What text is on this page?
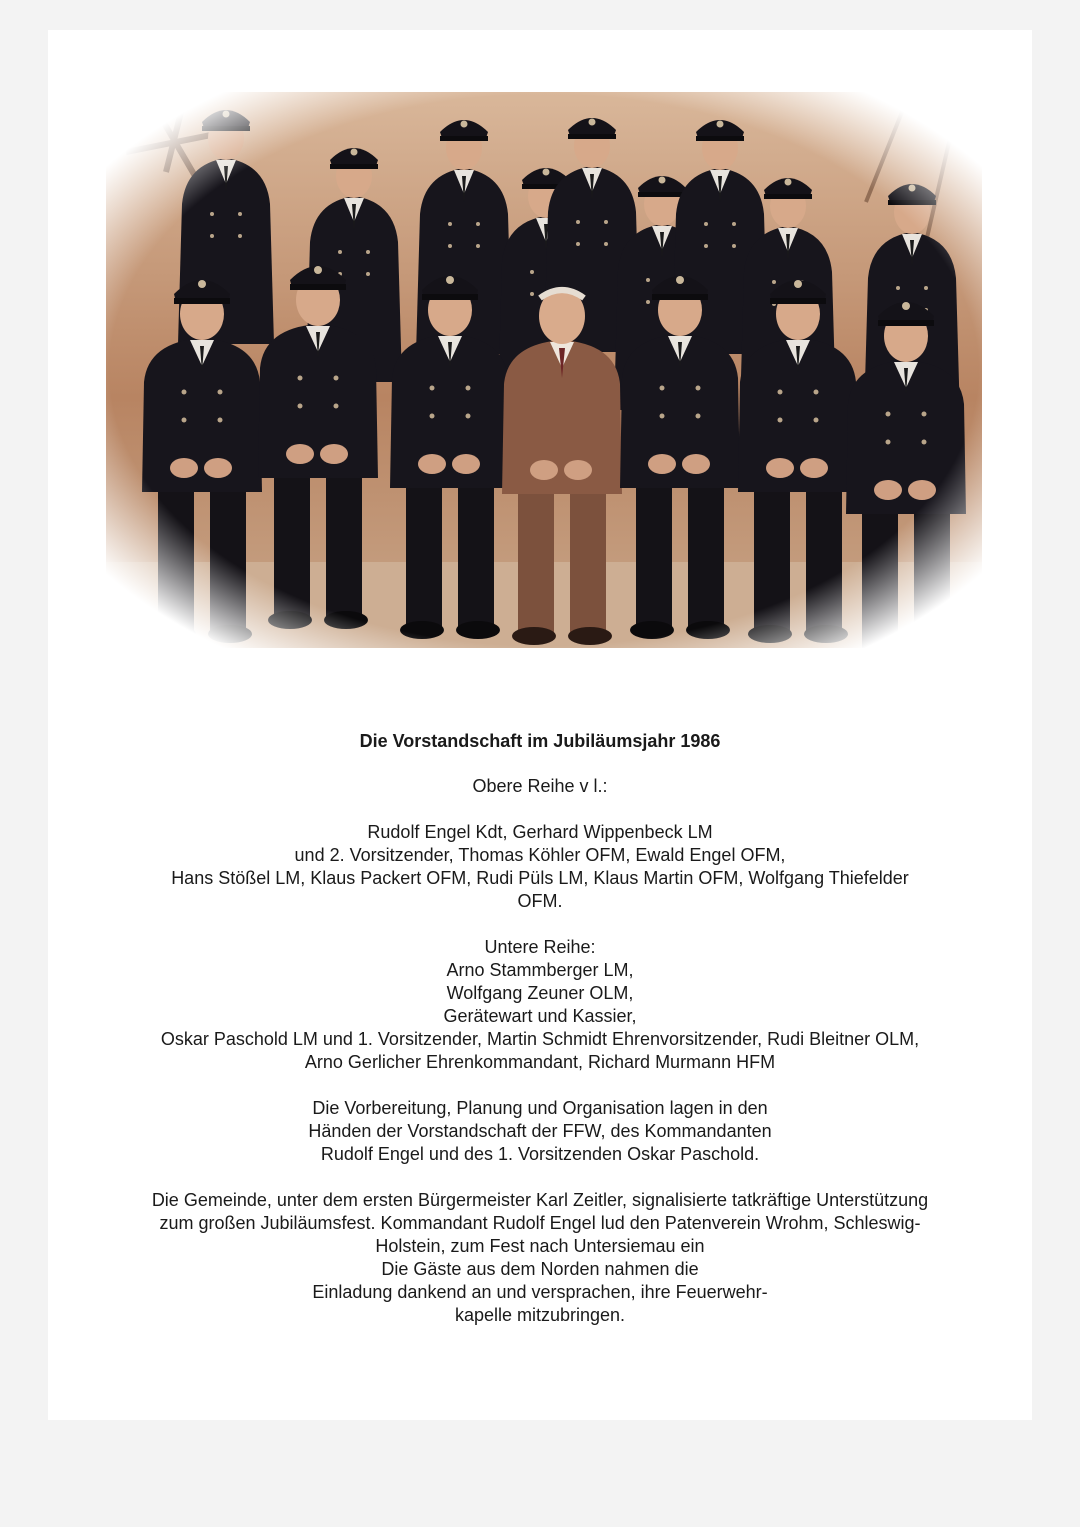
Die Vorstandschaft im Jubiläumsjahr 1986

Obere Reihe v l.:

Rudolf Engel Kdt, Gerhard Wippenbeck LM

und 2. Vorsitzender, Thomas Köhler OFM, Ewald Engel OFM,

Hans Stößel LM, Klaus Packert OFM, Rudi Püls LM, Klaus Martin OFM, Wolfgang Thiefelder

OFM.

Untere Reihe:

Arno Stammberger LM,

Wolfgang Zeuner OLM,

Gerätewart und Kassier,

Oskar Paschold LM und 1. Vorsitzender, Martin Schmidt Ehrenvorsitzender, Rudi Bleitner OLM,

Arno Gerlicher Ehrenkommandant, Richard Murmann HFM

Die Vorbereitung, Planung und Organisation lagen in den

Händen der Vorstandschaft der FFW, des Kommandanten

Rudolf Engel und des 1. Vorsitzenden Oskar Paschold.

Die Gemeinde, unter dem ersten Bürgermeister Karl Zeitler, signalisierte tatkräftige Unterstützung

zum großen Jubiläumsfest. Kommandant Rudolf Engel lud den Patenverein Wrohm, Schleswig-

Holstein, zum Fest nach Untersiemau ein

Die Gäste aus dem Norden nahmen die

Einladung dankend an und versprachen, ihre Feuerwehr-

kapelle mitzubringen.
